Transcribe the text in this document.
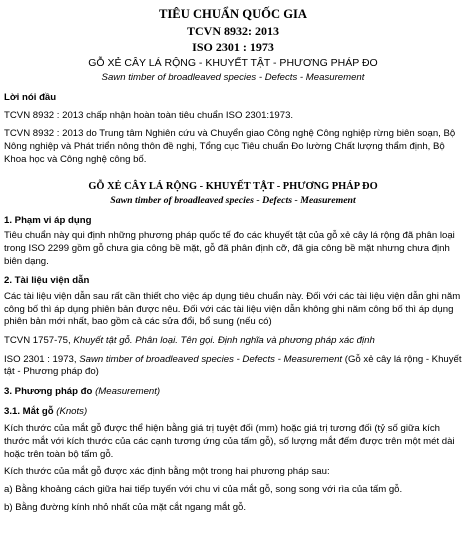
TIÊU CHUẨN QUỐC GIA
TCVN 8932: 2013
ISO 2301 : 1973
GỖ XẺ CÂY LÁ RỘNG - KHUYẾT TẬT - PHƯƠNG PHÁP ĐO
Sawn timber of broadleaved species - Defects - Measurement
Lời nói đầu

TCVN 8932 : 2013 chấp nhận hoàn toàn tiêu chuẩn ISO 2301:1973.

TCVN 8932 : 2013 do Trung tâm Nghiên cứu và Chuyển giao Công nghệ Công nghiệp rừng biên soạn, Bộ Nông nghiệp và Phát triển nông thôn đề nghị, Tổng cục Tiêu chuẩn Đo lường Chất lượng thẩm định, Bộ Khoa học và Công nghệ công bố.

GỖ XẺ CÂY LÁ RỘNG - KHUYẾT TẬT - PHƯƠNG PHÁP ĐO
Sawn timber of broadleaved species - Defects - Measurement
1. Phạm vi áp dụng

Tiêu chuẩn này qui định những phương pháp quốc tế đo các khuyết tật của gỗ xẻ cây lá rộng đã phân loại trong ISO 2299 gồm gỗ chưa gia công bề mặt, gỗ đã phân định cỡ, đã gia công bề mặt nhưng chưa định biên dạng.

2. Tài liệu viện dẫn

Các tài liệu viện dẫn sau rất cần thiết cho việc áp dụng tiêu chuẩn này. Đối với các tài liệu viện dẫn ghi năm công bố thì áp dụng phiên bản được nêu. Đối với các tài liệu viện dẫn không ghi năm công bố thì áp dụng phiên bản mới nhất, bao gồm cả các sửa đổi, bổ sung (nếu có)

TCVN 1757-75, Khuyết tật gỗ. Phân loại. Tên gọi. Định nghĩa và phương pháp xác định

ISO 2301 : 1973, Sawn timber of broadleaved species - Defects - Measurement (Gỗ xẻ cây lá rộng - Khuyết tật - Phương pháp đo)

3. Phương pháp đo (Measurement)
3.1. Mắt gỗ (Knots)

Kích thước của mắt gỗ được thể hiện bằng giá trị tuyệt đối (mm) hoặc giá trị tương đối (tỷ số giữa kích thước mắt với kích thước của các cạnh tương ứng của tấm gỗ), số lượng mắt đếm được trên một mét dài hoặc trên toàn bộ tấm gỗ.

Kích thước của mắt gỗ được xác định bằng một trong hai phương pháp sau:

a) Bằng khoảng cách giữa hai tiếp tuyến với chu vi của mắt gỗ, song song với rìa của tấm gỗ.

b) Bằng đường kính nhỏ nhất của mặt cắt ngang mắt gỗ.
